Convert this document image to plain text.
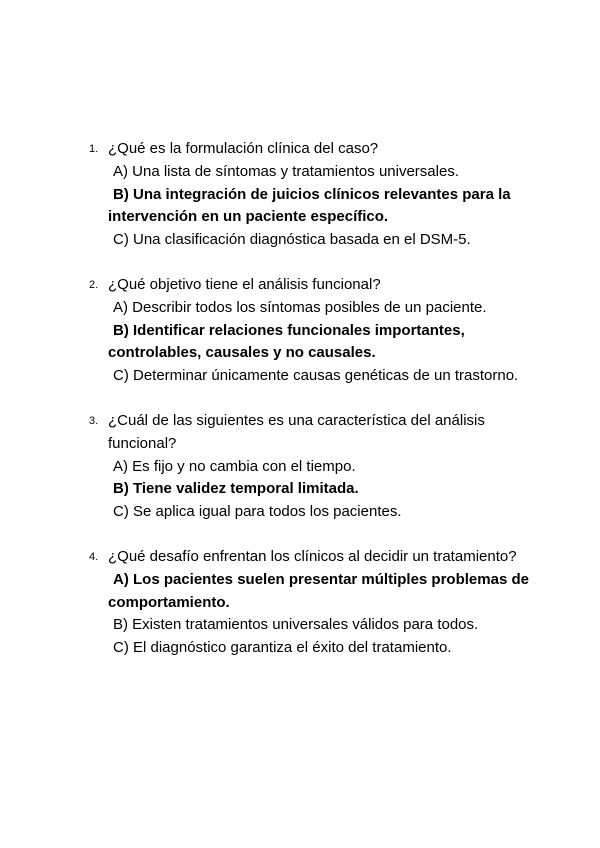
1. ¿Qué es la formulación clínica del caso?
A) Una lista de síntomas y tratamientos universales.
B) Una integración de juicios clínicos relevantes para la intervención en un paciente específico.
C) Una clasificación diagnóstica basada en el DSM-5.
2. ¿Qué objetivo tiene el análisis funcional?
A) Describir todos los síntomas posibles de un paciente.
B) Identificar relaciones funcionales importantes, controlables, causales y no causales.
C) Determinar únicamente causas genéticas de un trastorno.
3. ¿Cuál de las siguientes es una característica del análisis funcional?
A) Es fijo y no cambia con el tiempo.
B) Tiene validez temporal limitada.
C) Se aplica igual para todos los pacientes.
4. ¿Qué desafío enfrentan los clínicos al decidir un tratamiento?
A) Los pacientes suelen presentar múltiples problemas de comportamiento.
B) Existen tratamientos universales válidos para todos.
C) El diagnóstico garantiza el éxito del tratamiento.
